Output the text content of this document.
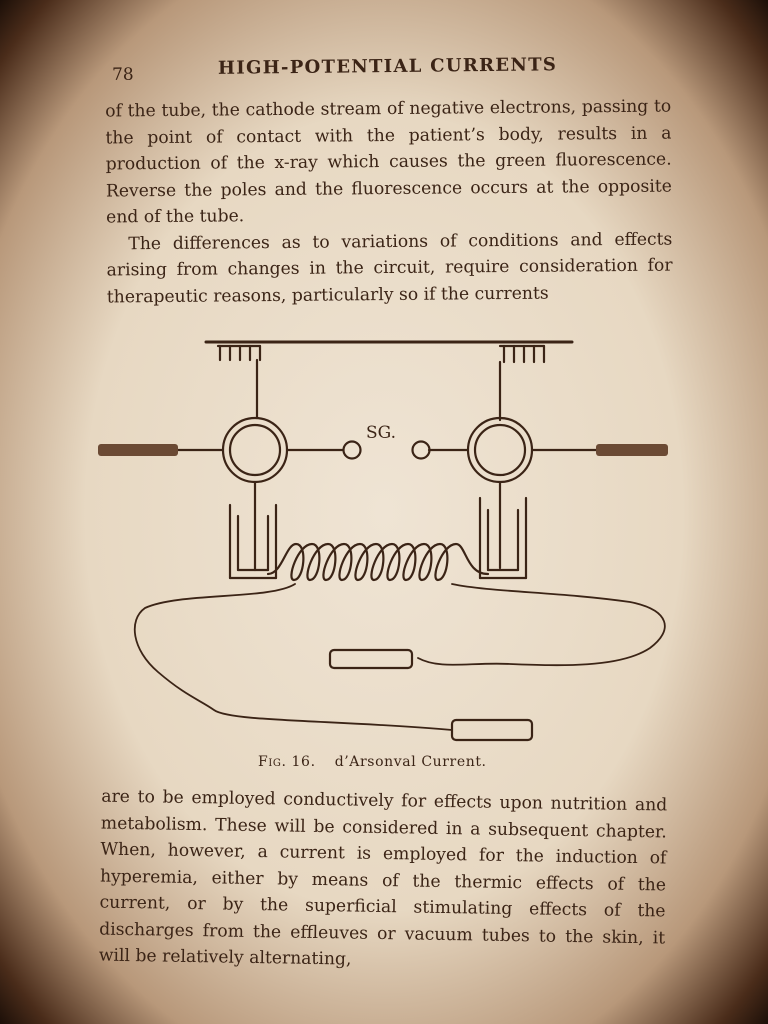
78	HIGH-POTENTIAL CURRENTS

of the tube, the cathode stream of negative electrons, passing to the point of contact with the patient’s body, results in a production of the x-ray which causes the green fluorescence. Reverse the poles and the fluorescence occurs at the opposite end of the tube.

The differences as to variations of conditions and effects arising from changes in the circuit, require consideration for therapeutic reasons, particularly so if the currents

SG.
Fig. 16. d’Arsonval Current.

are to be employed conductively for effects upon nutrition and metabolism. These will be considered in a subsequent chapter. When, however, a current is employed for the induction of hyperemia, either by means of the thermic effects of the current, or by the superficial stimulating effects of the discharges from the effleuves or vacuum tubes to the skin, it will be relatively alternating,
